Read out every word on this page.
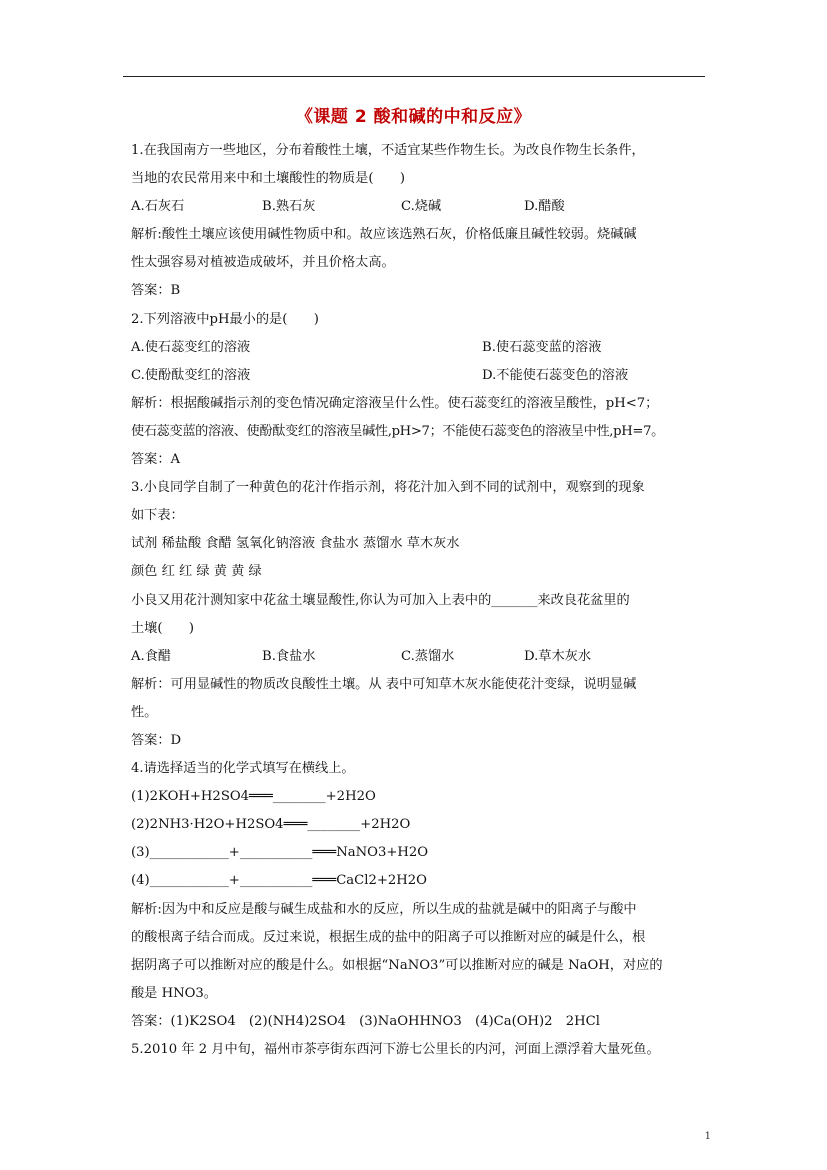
《课题 2 酸和碱的中和反应》
1.在我国南方一些地区，分布着酸性土壤，不适宜某些作物生长。为改良作物生长条件，
当地的农民常用来中和土壤酸性的物质是(　　)
A.石灰石	B.熟石灰	C.烧碱	D.醋酸
解析:酸性土壤应该使用碱性物质中和。故应该选熟石灰，价格低廉且碱性较弱。烧碱碱
性太强容易对植被造成破坏，并且价格太高。
答案：B
2.下列溶液中pH最小的是(　　)
A.使石蕊变红的溶液	B.使石蕊变蓝的溶液
C.使酚酞变红的溶液	D.不能使石蕊变色的溶液
解析：根据酸碱指示剂的变色情况确定溶液呈什么性。使石蕊变红的溶液呈酸性，pH<7；
使石蕊变蓝的溶液、使酚酞变红的溶液呈碱性,pH>7；不能使石蕊变色的溶液呈中性,pH=7。
答案：A
3.小良同学自制了一种黄色的花汁作指示剂，将花汁加入到不同的试剂中，观察到的现象
如下表：
试剂 稀盐酸 食醋 氢氧化钠溶液 食盐水 蒸馏水 草木灰水
颜色 红 红 绿 黄 黄 绿
小良又用花汁测知家中花盆土壤显酸性,你认为可加入上表中的_______来改良花盆里的
土壤(　　)
A.食醋	B.食盐水	C.蒸馏水	D.草木灰水
解析：可用显碱性的物质改良酸性土壤。从 表中可知草木灰水能使花汁变绿，说明显碱
性。
答案：D
4.请选择适当的化学式填写在横线上。
(1)2KOH+H2SO4═══________+2H2O
(2)2NH3·H2O+H2SO4═══________+2H2O
(3)____________+___________═══NaNO3+H2O
(4)____________+___________═══CaCl2+2H2O
解析:因为中和反应是酸与碱生成盐和水的反应，所以生成的盐就是碱中的阳离子与酸中
的酸根离子结合而成。反过来说，根据生成的盐中的阳离子可以推断对应的碱是什么，根
据阴离子可以推断对应的酸是什么。如根据“NaNO3”可以推断对应的碱是 NaOH，对应的
酸是 HNO3。
答案：(1)K2SO4　(2)(NH4)2SO4　(3)NaOHHNO3　(4)Ca(OH)2　2HCl
5.2010 年 2 月中旬，福州市茶亭街东西河下游七公里长的内河，河面上漂浮着大量死鱼。
1
